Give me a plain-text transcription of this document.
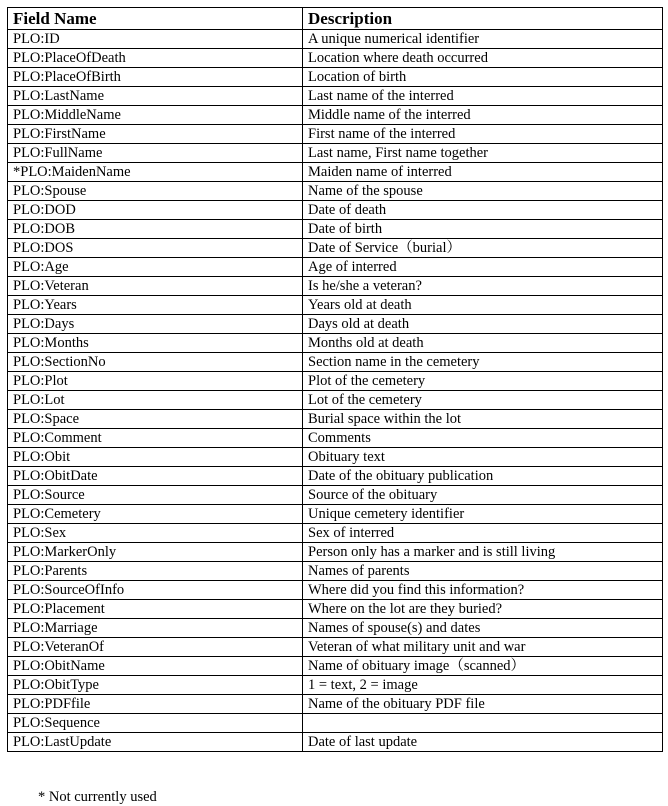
Field Name	Description
PLO:ID	A unique numerical identifier
PLO:PlaceOfDeath	Location where death occurred
PLO:PlaceOfBirth	Location of birth
PLO:LastName	Last name of the interred
PLO:MiddleName	Middle name of the interred
PLO:FirstName	First name of the interred
PLO:FullName	Last name, First name together
*PLO:MaidenName	Maiden name of interred
PLO:Spouse	Name of the spouse
PLO:DOD	Date of death
PLO:DOB	Date of birth
PLO:DOS	Date of Service（burial）
PLO:Age	Age of interred
PLO:Veteran	Is he/she a veteran?
PLO:Years	Years old at death
PLO:Days	Days old at death
PLO:Months	Months old at death
PLO:SectionNo	Section name in the cemetery
PLO:Plot	Plot of the cemetery
PLO:Lot	Lot of the cemetery
PLO:Space	Burial space within the lot
PLO:Comment	Comments
PLO:Obit	Obituary text
PLO:ObitDate	Date of the obituary publication
PLO:Source	Source of the obituary
PLO:Cemetery	Unique cemetery identifier
PLO:Sex	Sex of interred
PLO:MarkerOnly	Person only has a marker and is still living
PLO:Parents	Names of parents
PLO:SourceOfInfo	Where did you find this information?
PLO:Placement	Where on the lot are they buried?
PLO:Marriage	Names of spouse(s) and dates
PLO:VeteranOf	Veteran of what military unit and war
PLO:ObitName	Name of obituary image（scanned）
PLO:ObitType	1 = text, 2 = image
PLO:PDFfile	Name of the obituary PDF file
PLO:Sequence	
PLO:LastUpdate	Date of last update
* Not currently used
